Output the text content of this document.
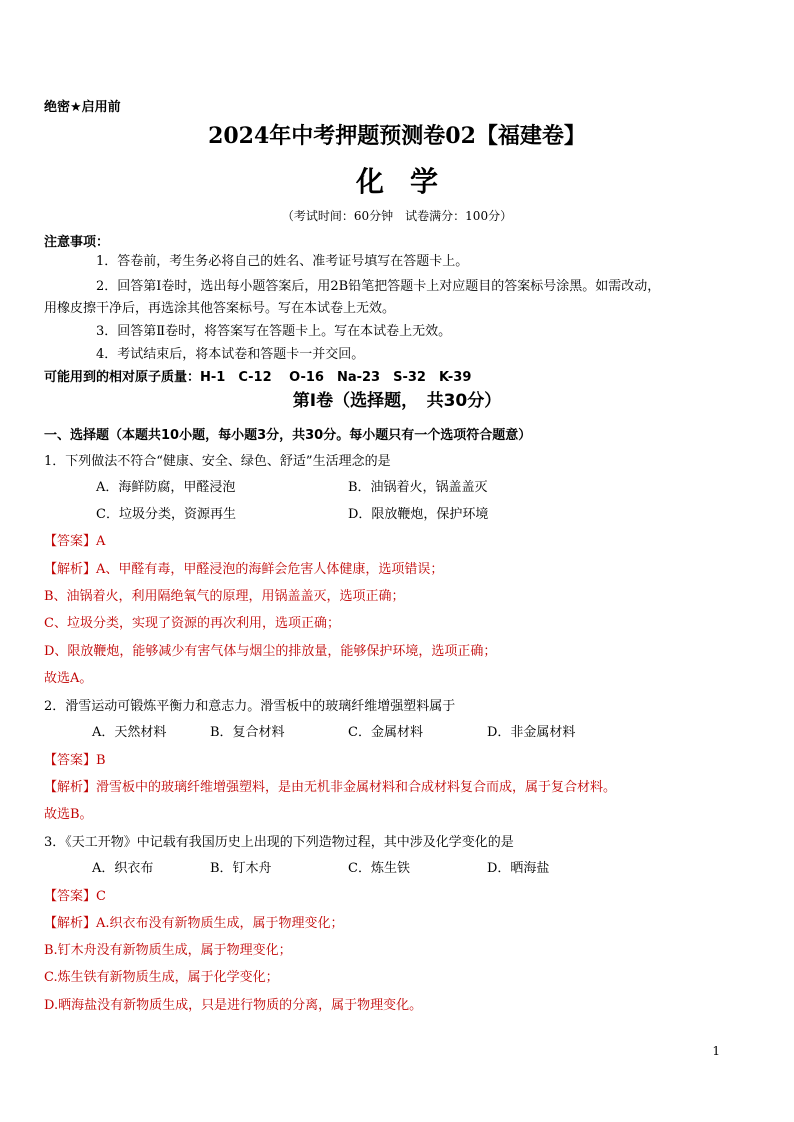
绝密★启用前
2024年中考押题预测卷02【福建卷】
化学
（考试时间：60分钟　试卷满分：100分）
注意事项：
1．答卷前，考生务必将自己的姓名、准考证号填写在答题卡上。
2．回答第Ⅰ卷时，选出每小题答案后，用2B铅笔把答题卡上对应题目的答案标号涂黑。如需改动，
用橡皮擦干净后，再选涂其他答案标号。写在本试卷上无效。
3．回答第Ⅱ卷时，将答案写在答题卡上。写在本试卷上无效。
4．考试结束后，将本试卷和答题卡一并交回。
可能用到的相对原子质量：H-1　C-12　 O-16　Na-23　S-32　K-39
第Ⅰ卷（选择题，　共30分）
一、选择题（本题共10小题，每小题3分，共30分。每小题只有一个选项符合题意）
1．下列做法不符合“健康、安全、绿色、舒适”生活理念的是
A．海鲜防腐，甲醛浸泡	B．油锅着火，锅盖盖灭
C．垃圾分类，资源再生	D．限放鞭炮，保护环境
【答案】A
【解析】A、甲醛有毒，甲醛浸泡的海鲜会危害人体健康，选项错误；
B、油锅着火，利用隔绝氧气的原理，用锅盖盖灭，选项正确；
C、垃圾分类，实现了资源的再次利用，选项正确；
D、限放鞭炮，能够减少有害气体与烟尘的排放量，能够保护环境，选项正确；
故选A。
2．滑雪运动可锻炼平衡力和意志力。滑雪板中的玻璃纤维增强塑料属于
A．天然材料	B．复合材料	C．金属材料	D．非金属材料
【答案】B
【解析】滑雪板中的玻璃纤维增强塑料，是由无机非金属材料和合成材料复合而成，属于复合材料。
故选B。
3．《天工开物》中记载有我国历史上出现的下列造物过程，其中涉及化学变化的是
A．织衣布	B．钉木舟	C．炼生铁	D．晒海盐
【答案】C
【解析】A.织衣布没有新物质生成，属于物理变化；
B.钉木舟没有新物质生成，属于物理变化；
C.炼生铁有新物质生成，属于化学变化；
D.晒海盐没有新物质生成，只是进行物质的分离，属于物理变化。
1
